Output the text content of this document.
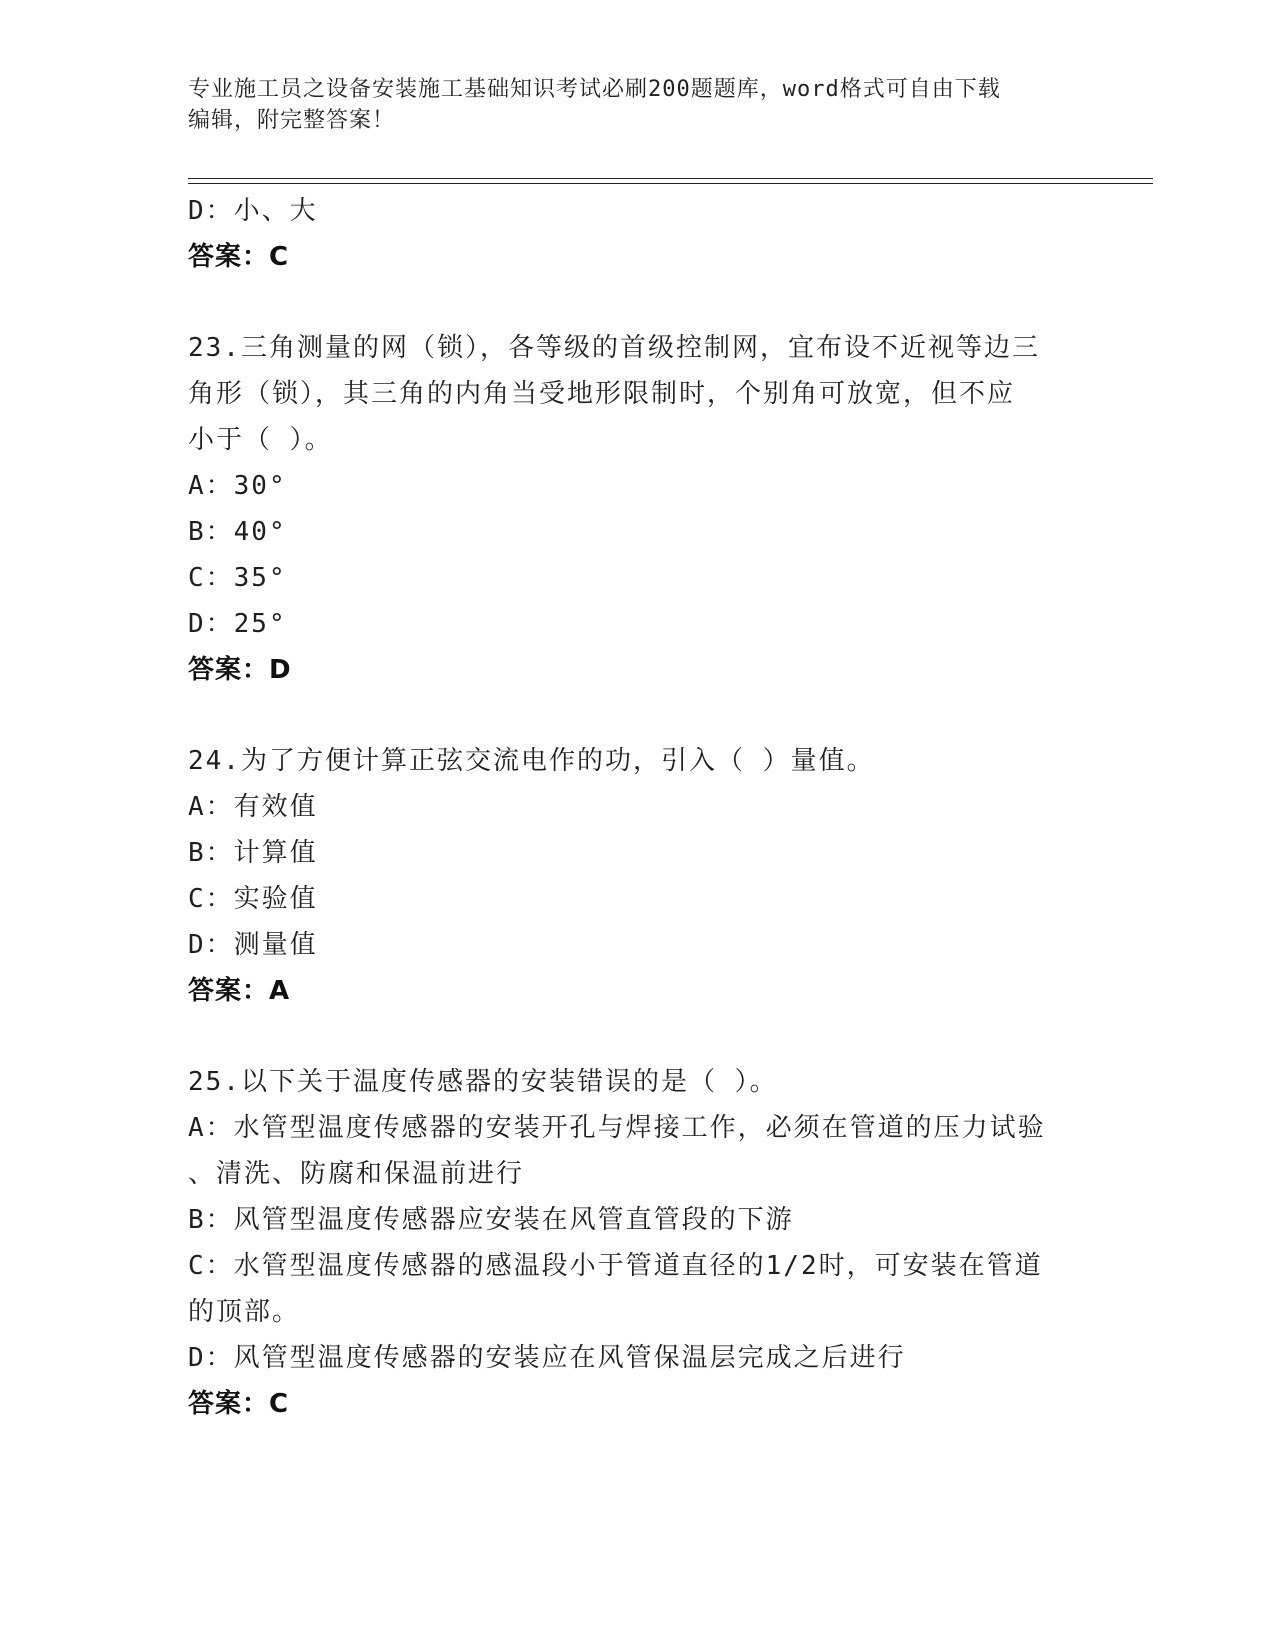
专业施工员之设备安装施工基础知识考试必刷200题题库，word格式可自由下载
编辑，附完整答案！
D：小、大
答案：C
23.三角测量的网（锁），各等级的首级控制网，宜布设不近视等边三
角形（锁），其三角的内角当受地形限制时，个别角可放宽，但不应
小于（ ）。
A：30°
B：40°
C：35°
D：25°
答案：D
24.为了方便计算正弦交流电作的功，引入（ ）量值。
A：有效值
B：计算值
C：实验值
D：测量值
答案：A
25.以下关于温度传感器的安装错误的是（ ）。
A：水管型温度传感器的安装开孔与焊接工作，必须在管道的压力试验
、清洗、防腐和保温前进行
B：风管型温度传感器应安装在风管直管段的下游
C：水管型温度传感器的感温段小于管道直径的1/2时，可安装在管道
的顶部。
D：风管型温度传感器的安装应在风管保温层完成之后进行
答案：C
